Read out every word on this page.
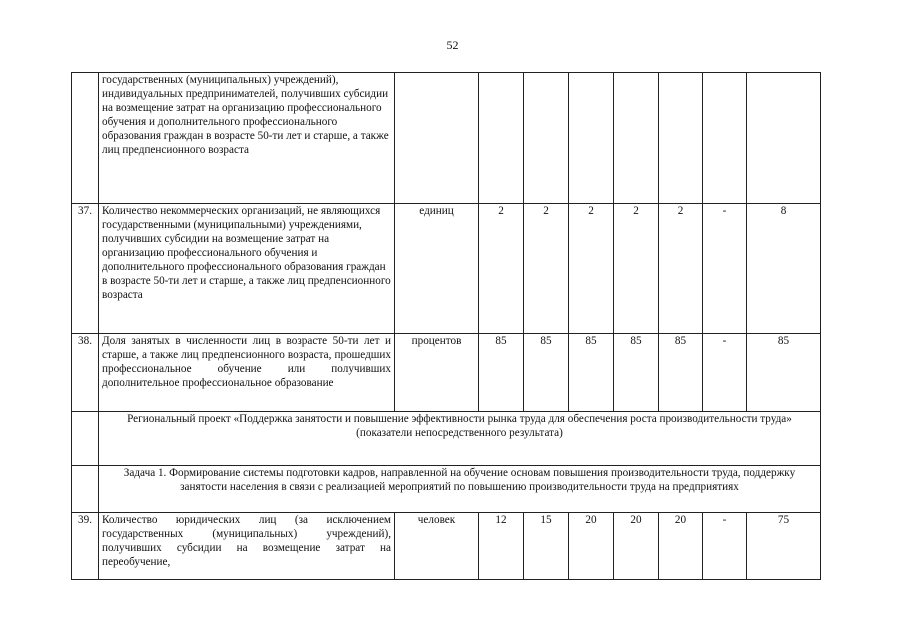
52
	государственных (муниципальных) учреждений), индивидуальных предпринимателей, получивших субсидии на возмещение затрат на организацию профессионального обучения и дополнительного профессионального образования граждан в возрасте 50-ти лет и старше, а также лиц предпенсионного возраста								
37.	Количество некоммерческих организаций, не являющихся государственными (муниципальными) учреждениями, получивших субсидии на возмещение затрат на организацию профессионального обучения и дополнительного профессионального образования граждан в возрасте 50-ти лет и старше, а также лиц предпенсионного возраста	единиц	2	2	2	2	2	-	8
38.	Доля занятых в численности лиц в возрасте 50-ти лет и старше, а также лиц предпенсионного возраста, прошедших профессиональное обучение или получивших дополнительное профессиональное образование	процентов	85	85	85	85	85	-	85

	Региональный проект «Поддержка занятости и повышение эффективности рынка труда для обеспечения роста производительности труда»
(показатели непосредственного результата)								

	Задача 1. Формирование системы подготовки кадров, направленной на обучение основам повышения производительности труда, поддержку занятости населения в связи с реализацией мероприятий по повышению производительности труда на предприятиях								
39.	Количество юридических лиц (за исключением государственных (муниципальных) учреждений), получивших субсидии на возмещение затрат на переобучение,	человек	12	15	20	20	20	-	75
